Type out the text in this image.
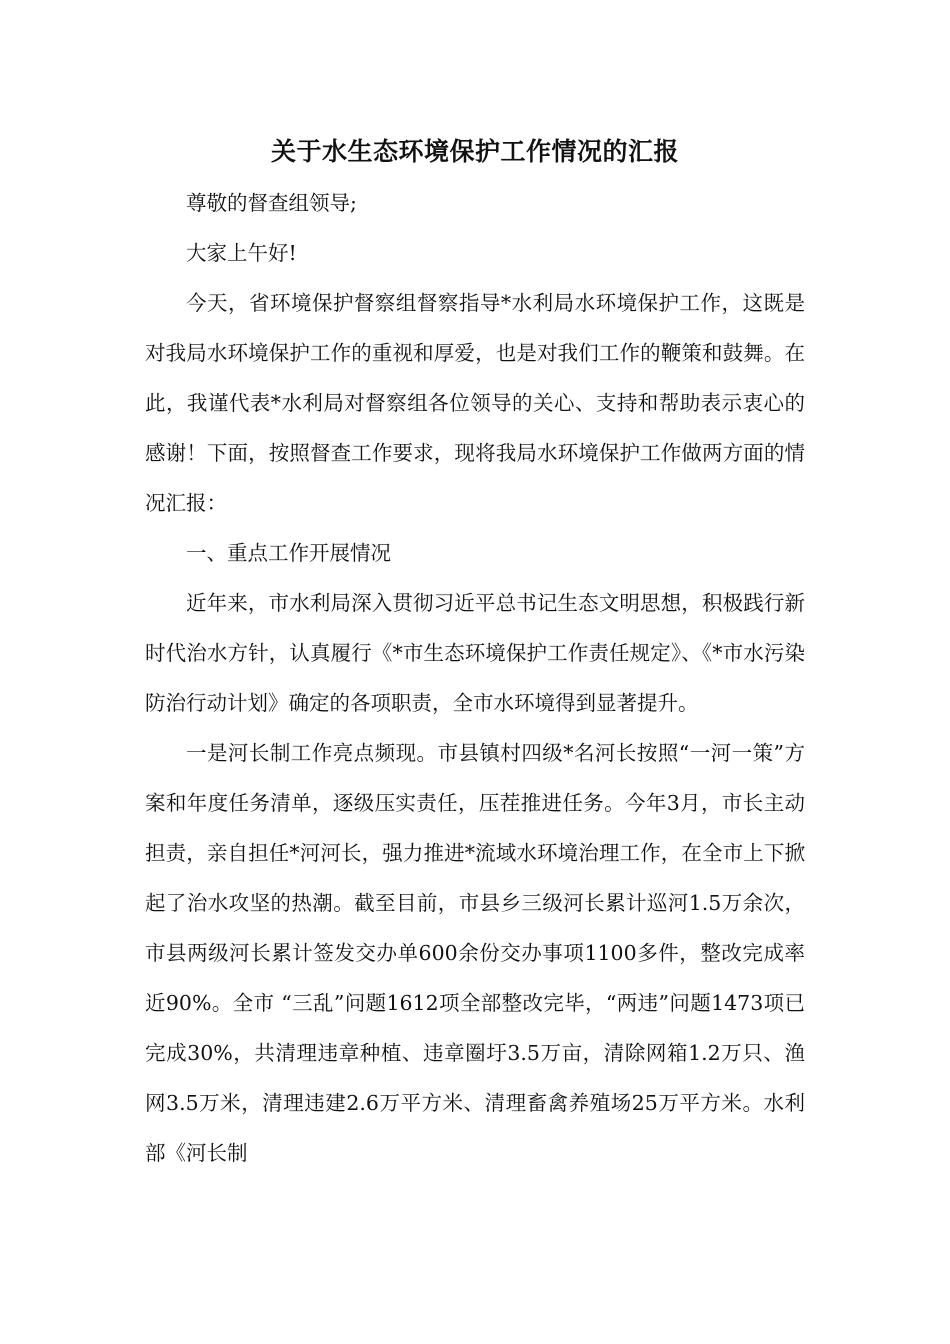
关于水生态环境保护工作情况的汇报

尊敬的督查组领导;

大家上午好!

今天，省环境保护督察组督察指导*水利局水环境保护工作，这既是对我局水环境保护工作的重视和厚爱，也是对我们工作的鞭策和鼓舞。在此，我谨代表*水利局对督察组各位领导的关心、支持和帮助表示衷心的感谢！下面，按照督查工作要求，现将我局水环境保护工作做两方面的情况汇报：

一、重点工作开展情况

近年来，市水利局深入贯彻习近平总书记生态文明思想，积极践行新时代治水方针，认真履行《*市生态环境保护工作责任规定》、《*市水污染防治行动计划》确定的各项职责，全市水环境得到显著提升。

一是河长制工作亮点频现。市县镇村四级*名河长按照“一河一策”方案和年度任务清单，逐级压实责任，压茬推进任务。今年3月，市长主动担责，亲自担任*河河长，强力推进*流域水环境治理工作，在全市上下掀起了治水攻坚的热潮。截至目前，市县乡三级河长累计巡河1.5万余次，市县两级河长累计签发交办单600余份交办事项1100多件，整改完成率近90%。全市 “三乱”问题1612项全部整改完毕，“两违”问题1473项已完成30%，共清理违章种植、违章圈圩3.5万亩，清除网箱1.2万只、渔网3.5万米，清理违建2.6万平方米、清理畜禽养殖场25万平方米。水利部《河长制
